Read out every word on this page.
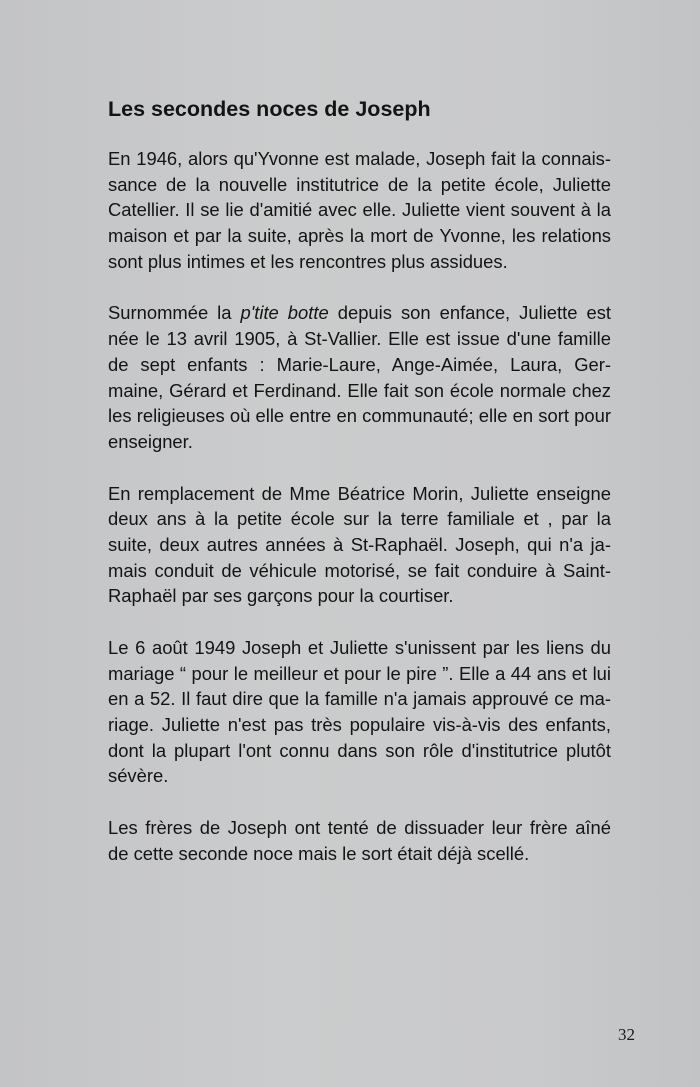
Les secondes noces de Joseph
En 1946, alors qu'Yvonne est malade, Joseph fait la connais-
sance de la nouvelle institutrice de la petite école, Juliette
Catellier. Il se lie d'amitié avec elle. Juliette vient souvent à la
maison et par la suite, après la mort de Yvonne, les relations
sont plus intimes et les rencontres plus assidues.
Surnommée la p'tite botte depuis son enfance, Juliette est
née le 13 avril 1905, à St-Vallier. Elle est issue d'une famille
de sept enfants : Marie-Laure, Ange-Aimée, Laura, Ger-
maine, Gérard et Ferdinand. Elle fait son école normale chez
les religieuses où elle entre en communauté; elle en sort pour
enseigner.
En remplacement de Mme Béatrice Morin, Juliette enseigne
deux ans à la petite école sur la terre familiale et , par la
suite, deux autres années à St-Raphaël. Joseph, qui n'a ja-
mais conduit de véhicule motorisé, se fait conduire à Saint-
Raphaël par ses garçons pour la courtiser.
Le 6 août 1949 Joseph et Juliette s'unissent par les liens du
mariage “ pour le meilleur et pour le pire ”. Elle a 44 ans et lui
en a 52. Il faut dire que la famille n'a jamais approuvé ce ma-
riage. Juliette n'est pas très populaire vis-à-vis des enfants,
dont la plupart l'ont connu dans son rôle d'institutrice plutôt
sévère.
Les frères de Joseph ont tenté de dissuader leur frère aîné
de cette seconde noce mais le sort était déjà scellé.
32
